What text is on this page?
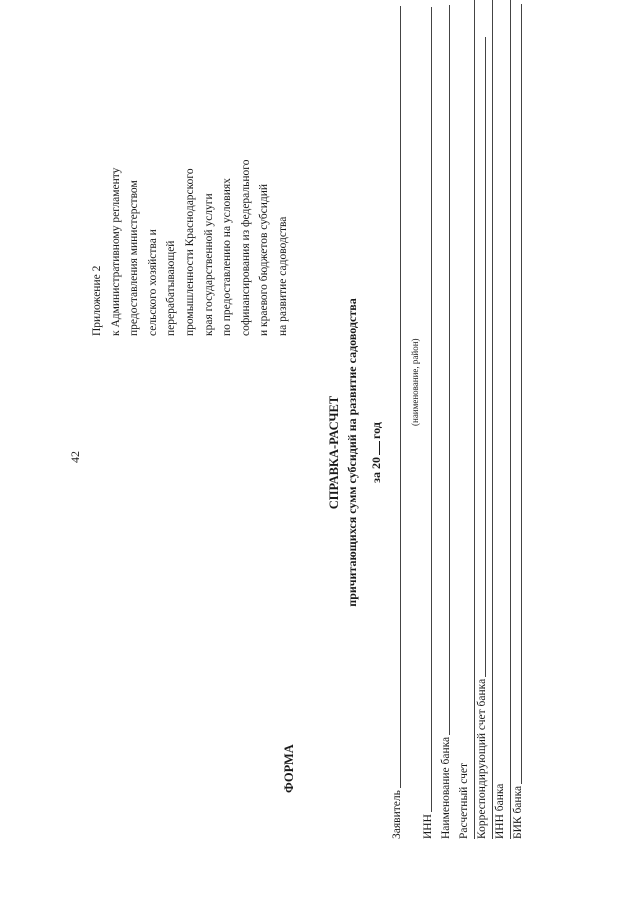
42
Приложение 2 к Административному регламенту предоставления министерством сельского хозяйства и перерабатывающей промышленности Краснодарского края государственной услуги по предоставлению на условиях софинансирования из федерального и краевого бюджетов субсидий на развитие садоводства
ФОРМА
СПРАВКА-РАСЧЕТ причитающихся сумм субсидий на развитие садоводства за 20год
(наименование, район)
Заявитель ИНН Наименование банка Расчетный счет Корреспондирующий счет банка ИНН банка БИК банка
